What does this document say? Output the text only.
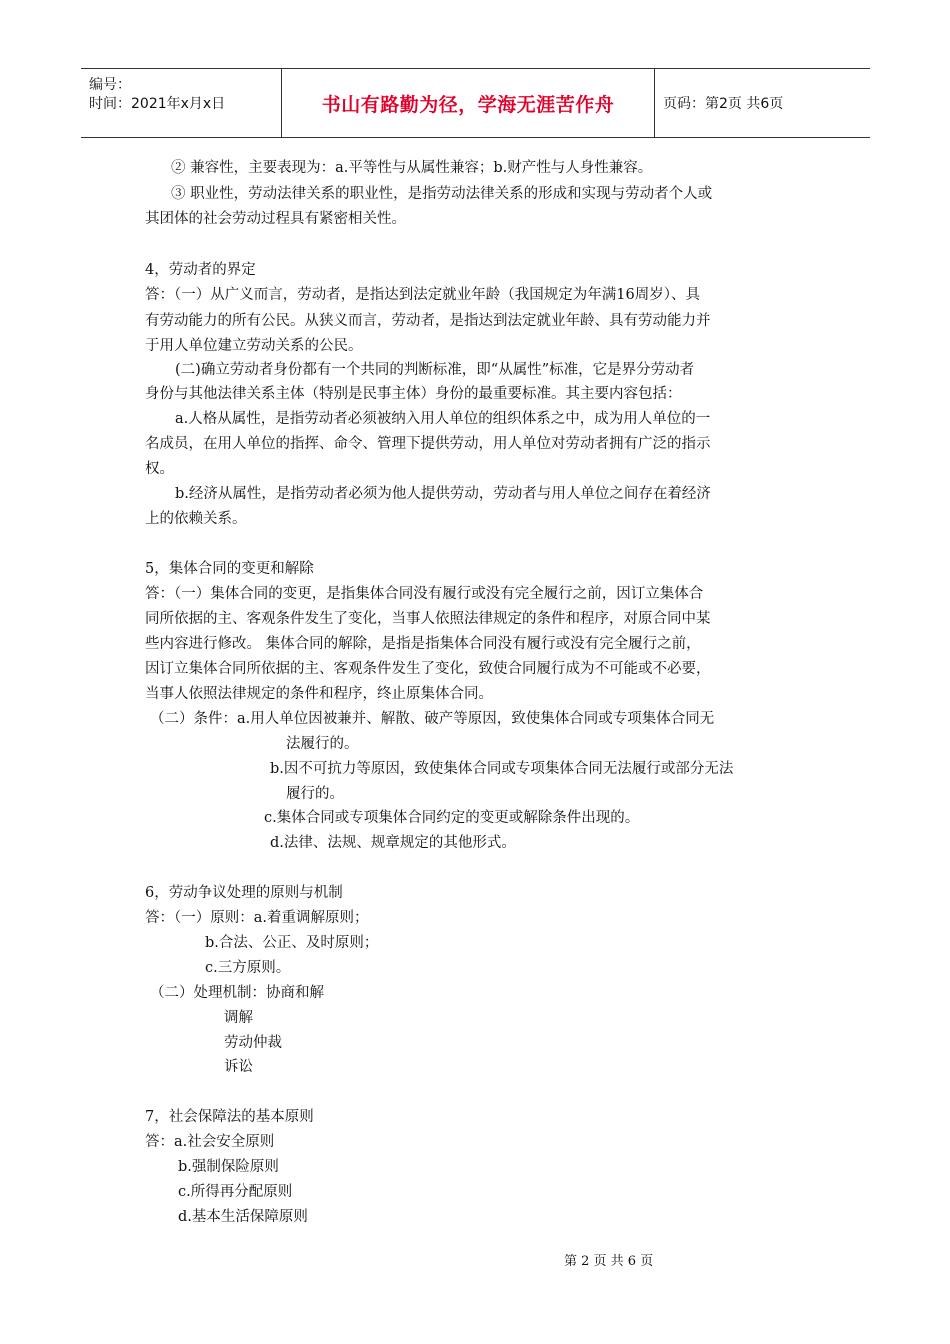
编号：
时间：2021年x月x日	书山有路勤为径，学海无涯苦作舟	页码：第2页 共6页
② 兼容性，主要表现为：a.平等性与从属性兼容；b.财产性与人身性兼容。
③ 职业性，劳动法律关系的职业性，是指劳动法律关系的形成和实现与劳动者个人或
其团体的社会劳动过程具有紧密相关性。
4，劳动者的界定
答：（一）从广义而言，劳动者，是指达到法定就业年龄（我国规定为年满16周岁）、具
有劳动能力的所有公民。从狭义而言，劳动者，是指达到法定就业年龄、具有劳动能力并
于用人单位建立劳动关系的公民。
(二)确立劳动者身份都有一个共同的判断标准，即“从属性”标准，它是界分劳动者
身份与其他法律关系主体（特别是民事主体）身份的最重要标准。其主要内容包括：
a.人格从属性，是指劳动者必须被纳入用人单位的组织体系之中，成为用人单位的一
名成员，在用人单位的指挥、命令、管理下提供劳动，用人单位对劳动者拥有广泛的指示
权。
b.经济从属性，是指劳动者必须为他人提供劳动，劳动者与用人单位之间存在着经济
上的依赖关系。
5，集体合同的变更和解除
答：（一）集体合同的变更，是指集体合同没有履行或没有完全履行之前，因订立集体合
同所依据的主、客观条件发生了变化，当事人依照法律规定的条件和程序，对原合同中某
些内容进行修改。 集体合同的解除，是指是指集体合同没有履行或没有完全履行之前，
因订立集体合同所依据的主、客观条件发生了变化，致使合同履行成为不可能或不必要，
当事人依照法律规定的条件和程序，终止原集体合同。
（二）条件：a.用人单位因被兼并、解散、破产等原因，致使集体合同或专项集体合同无
法履行的。
b.因不可抗力等原因，致使集体合同或专项集体合同无法履行或部分无法
履行的。
c.集体合同或专项集体合同约定的变更或解除条件出现的。
d.法律、法规、规章规定的其他形式。
6，劳动争议处理的原则与机制
答：（一）原则：a.着重调解原则；
b.合法、公正、及时原则；
c.三方原则。
（二）处理机制：协商和解
调解
劳动仲裁
诉讼
7，社会保障法的基本原则
答：a.社会安全原则
b.强制保险原则
c.所得再分配原则
d.基本生活保障原则
第 2 页 共 6 页
